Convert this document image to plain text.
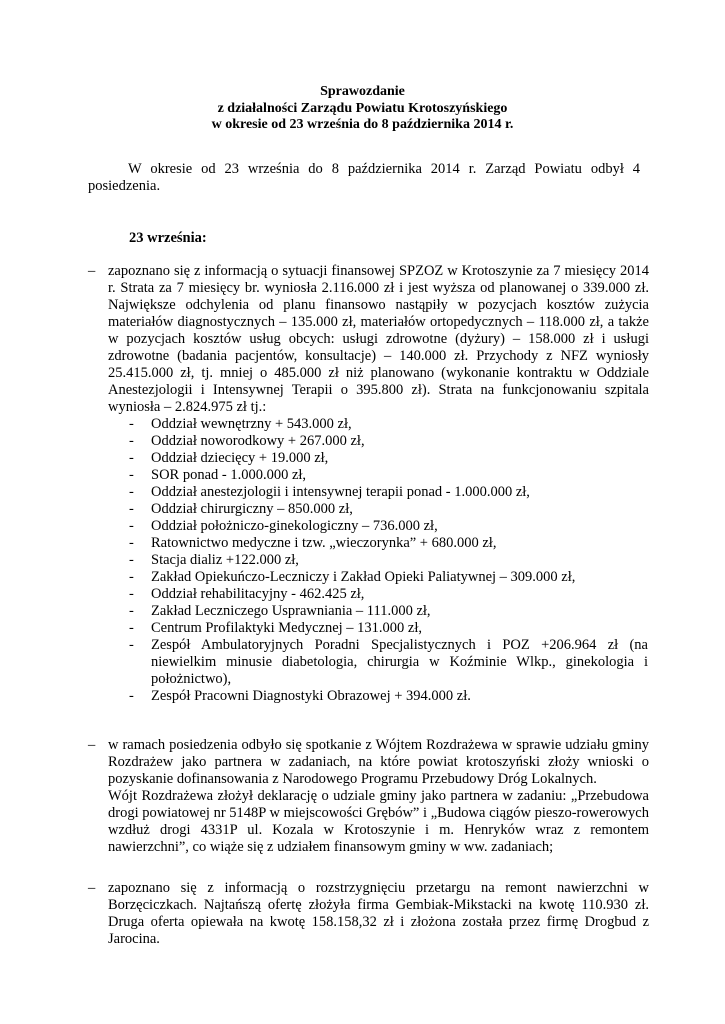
Sprawozdanie
z działalności Zarządu Powiatu Krotoszyńskiego
w okresie od 23 września do 8 października 2014 r.
W okresie od 23 września do 8 października 2014 r. Zarząd Powiatu odbył 4 posiedzenia.
23 września:
– zapoznano się z informacją o sytuacji finansowej SPZOZ w Krotoszynie za 7 miesięcy 2014 r. Strata za 7 miesięcy br. wyniosła 2.116.000 zł i jest wyższa od planowanej o 339.000 zł. Największe odchylenia od planu finansowo nastąpiły w pozycjach kosztów zużycia materiałów diagnostycznych – 135.000 zł, materiałów ortopedycznych – 118.000 zł, a także w pozycjach kosztów usług obcych: usługi zdrowotne (dyżury) – 158.000 zł i usługi zdrowotne (badania pacjentów, konsultacje) – 140.000 zł. Przychody z NFZ wyniosły 25.415.000 zł, tj. mniej o 485.000 zł niż planowano (wykonanie kontraktu w Oddziale Anestezjologii i Intensywnej Terapii o 395.800 zł). Strata na funkcjonowaniu szpitala wyniosła – 2.824.975 zł tj.:
- Oddział wewnętrzny + 543.000 zł,
- Oddział noworodkowy + 267.000 zł,
- Oddział dziecięcy + 19.000 zł,
- SOR ponad - 1.000.000 zł,
- Oddział anestezjologii i intensywnej terapii ponad - 1.000.000 zł,
- Oddział chirurgiczny – 850.000 zł,
- Oddział położniczo-ginekologiczny – 736.000 zł,
- Ratownictwo medyczne i tzw. „wieczorynka” + 680.000 zł,
- Stacja dializ +122.000 zł,
- Zakład Opiekuńczo-Leczniczy i Zakład Opieki Paliatywnej – 309.000 zł,
- Oddział rehabilitacyjny - 462.425 zł,
- Zakład Leczniczego Usprawniania – 111.000 zł,
- Centrum Profilaktyki Medycznej – 131.000 zł,
- Zespół Ambulatoryjnych Poradni Specjalistycznych i POZ +206.964 zł (na niewielkim minusie diabetologia, chirurgia w Koźminie Wlkp., ginekologia i położnictwo),
- Zespół Pracowni Diagnostyki Obrazowej + 394.000 zł.
– w ramach posiedzenia odbyło się spotkanie z Wójtem Rozdrażewa w sprawie udziału gminy Rozdrażew jako partnera w zadaniach, na które powiat krotoszyński złoży wnioski o pozyskanie dofinansowania z Narodowego Programu Przebudowy Dróg Lokalnych.

Wójt Rozdrażewa złożył deklarację o udziale gminy jako partnera w zadaniu: „Przebudowa drogi powiatowej nr 5148P w miejscowości Grębów” i „Budowa ciągów pieszo-rowerowych wzdłuż drogi 4331P ul. Kozala w Krotoszynie i m. Henryków wraz z remontem nawierzchni”, co wiąże się z udziałem finansowym gminy w ww. zadaniach;

– zapoznano się z informacją o rozstrzygnięciu przetargu na remont nawierzchni w Borzęciczkach. Najtańszą ofertę złożyła firma Gembiak-Mikstacki na kwotę 110.930 zł. Druga oferta opiewała na kwotę 158.158,32 zł i złożona została przez firmę Drogbud z Jarocina.
